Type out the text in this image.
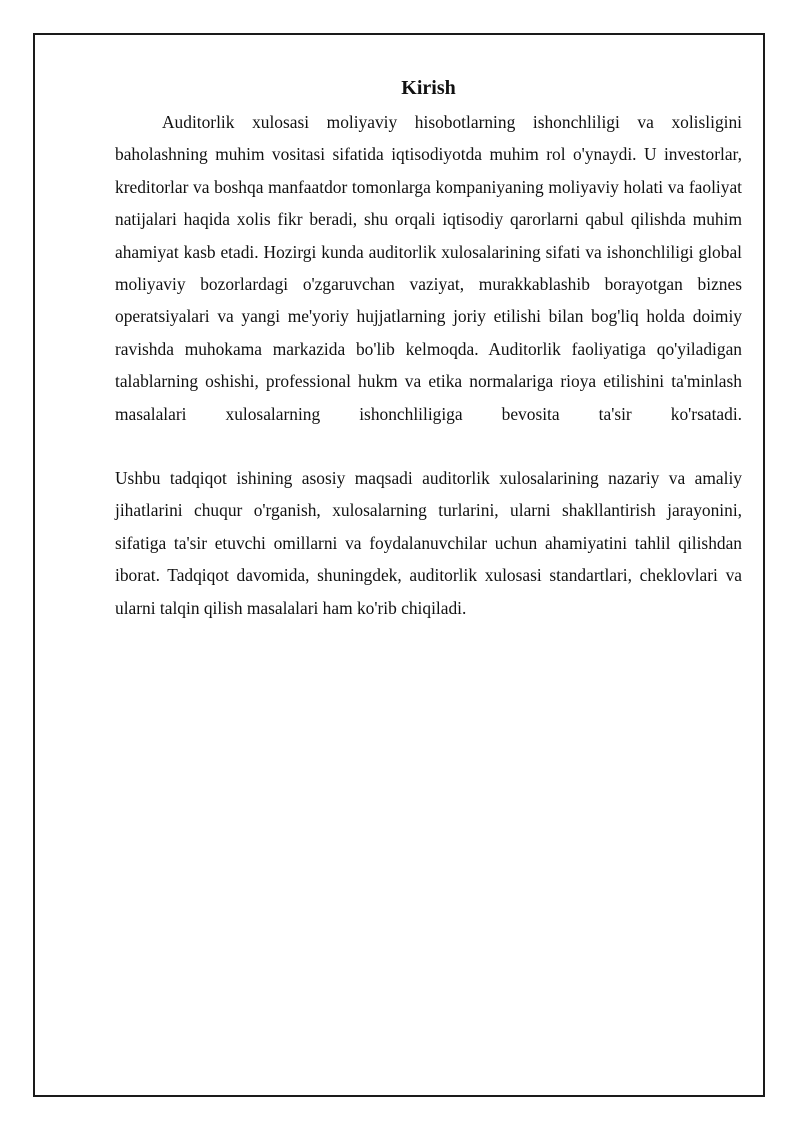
Kirish

Auditorlik xulosasi moliyaviy hisobotlarning ishonchliligi va xolisligini baholashning muhim vositasi sifatida iqtisodiyotda muhim rol o'ynaydi. U investorlar, kreditorlar va boshqa manfaatdor tomonlarga kompaniyaning moliyaviy holati va faoliyat natijalari haqida xolis fikr beradi, shu orqali iqtisodiy qarorlarni qabul qilishda muhim ahamiyat kasb etadi. Hozirgi kunda auditorlik xulosalarining sifati va ishonchliligi global moliyaviy bozorlardagi o'zgaruvchan vaziyat, murakkablashib borayotgan biznes operatsiyalari va yangi me'yoriy hujjatlarning joriy etilishi bilan bog'liq holda doimiy ravishda muhokama markazida bo'lib kelmoqda. Auditorlik faoliyatiga qo'yiladigan talablarning oshishi, professional hukm va etika normalariga rioya etilishini ta'minlash masalalari xulosalarning ishonchliligiga bevosita ta'sir ko'rsatadi.

Ushbu tadqiqot ishining asosiy maqsadi auditorlik xulosalarining nazariy va amaliy jihatlarini chuqur o'rganish, xulosalarning turlarini, ularni shakllantirish jarayonini, sifatiga ta'sir etuvchi omillarni va foydalanuvchilar uchun ahamiyatini tahlil qilishdan iborat. Tadqiqot davomida, shuningdek, auditorlik xulosasi standartlari, cheklovlari va ularni talqin qilish masalalari ham ko'rib chiqiladi.
